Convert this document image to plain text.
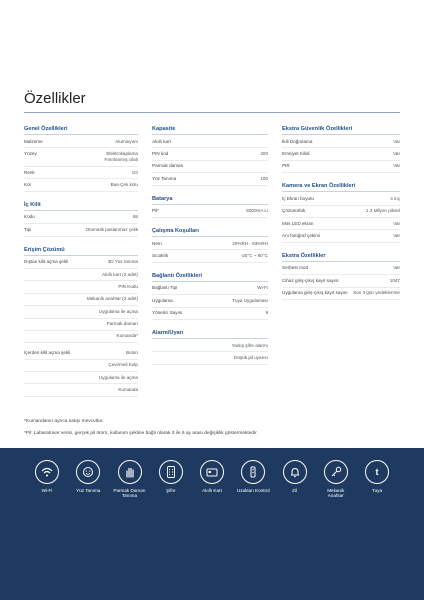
Özellikler
Genel Özellikleri
Malzeme	Aluminyum
Yüzey	Elektrokaplama
Fırınlanmış cilalı
Renk	Gri
Kol	Bas-Çek kolu
İç Kilit
Kodu	68
Tipi	Otomatik paslanmaz çelik
Erişim Çözümü
Dıştan kilit açma şekli	3D Yüz tanıma
Akıllı kart (2 adet)
PIN Kodu
Mekanik anahtar (2 adet)
Uygulama ile açma
Parmak damarı
Kumanda*
İçerden kilit açma şekli	Buton
Çevirmeli Kulp
Uygulama ile açma
Kumanda
Kapasite
Akıllı kart
PIN kod	200
Parmak damarı
Yüz Tanıma	100
Batarya
Pil*	5000mA Li
Çalışma Koşulları
Nem	20%RH - 93%RH
Sıcaklık	-20°C ~ 60°C
Bağlantı Özellikleri
Bağlantı Tipi	Wi-Fi
Uygulama	Tuya Uygulaması
Yönetici Sayısı	9
Alarm/Uyarı
Yanlış şifre alarmı
Düşük pil uyarısı
Ekstra Güvenlik Özellikleri
İkili Doğrulama	Var
Emniyet Kilidi	Var
PIR	Var
Kamera ve Ekran Özellikleri
İç Ekran boyutu	4 inç
Çözünürlük	1.3 Milyon piksel
Mini LED ekran	Var
Anı fotoğraf çekimi	Var
Ekstra Özellikler
Serbest mod	Var
Cihaz giriş-çıkış kayıt sayısı	1047
Uygulama giriş-çıkış kayıt sayısı	Son 3 gün yedeklenme
*Kumandanın ayrıca satışı mevcuttur.
*Pil: Labaratuvar verisi, gerçek pil ömrü, kullanım şekline bağlı olarak 3 ile 6 ay arası değişiklik göstermektedir.
Wi-Fi	Yüz Tanıma	Parmak Damarı Tanıma
Şifre	Akıllı Kart	Uzaktan Kontrol	Zil	Mekanik Anahtar
t
Tuya
